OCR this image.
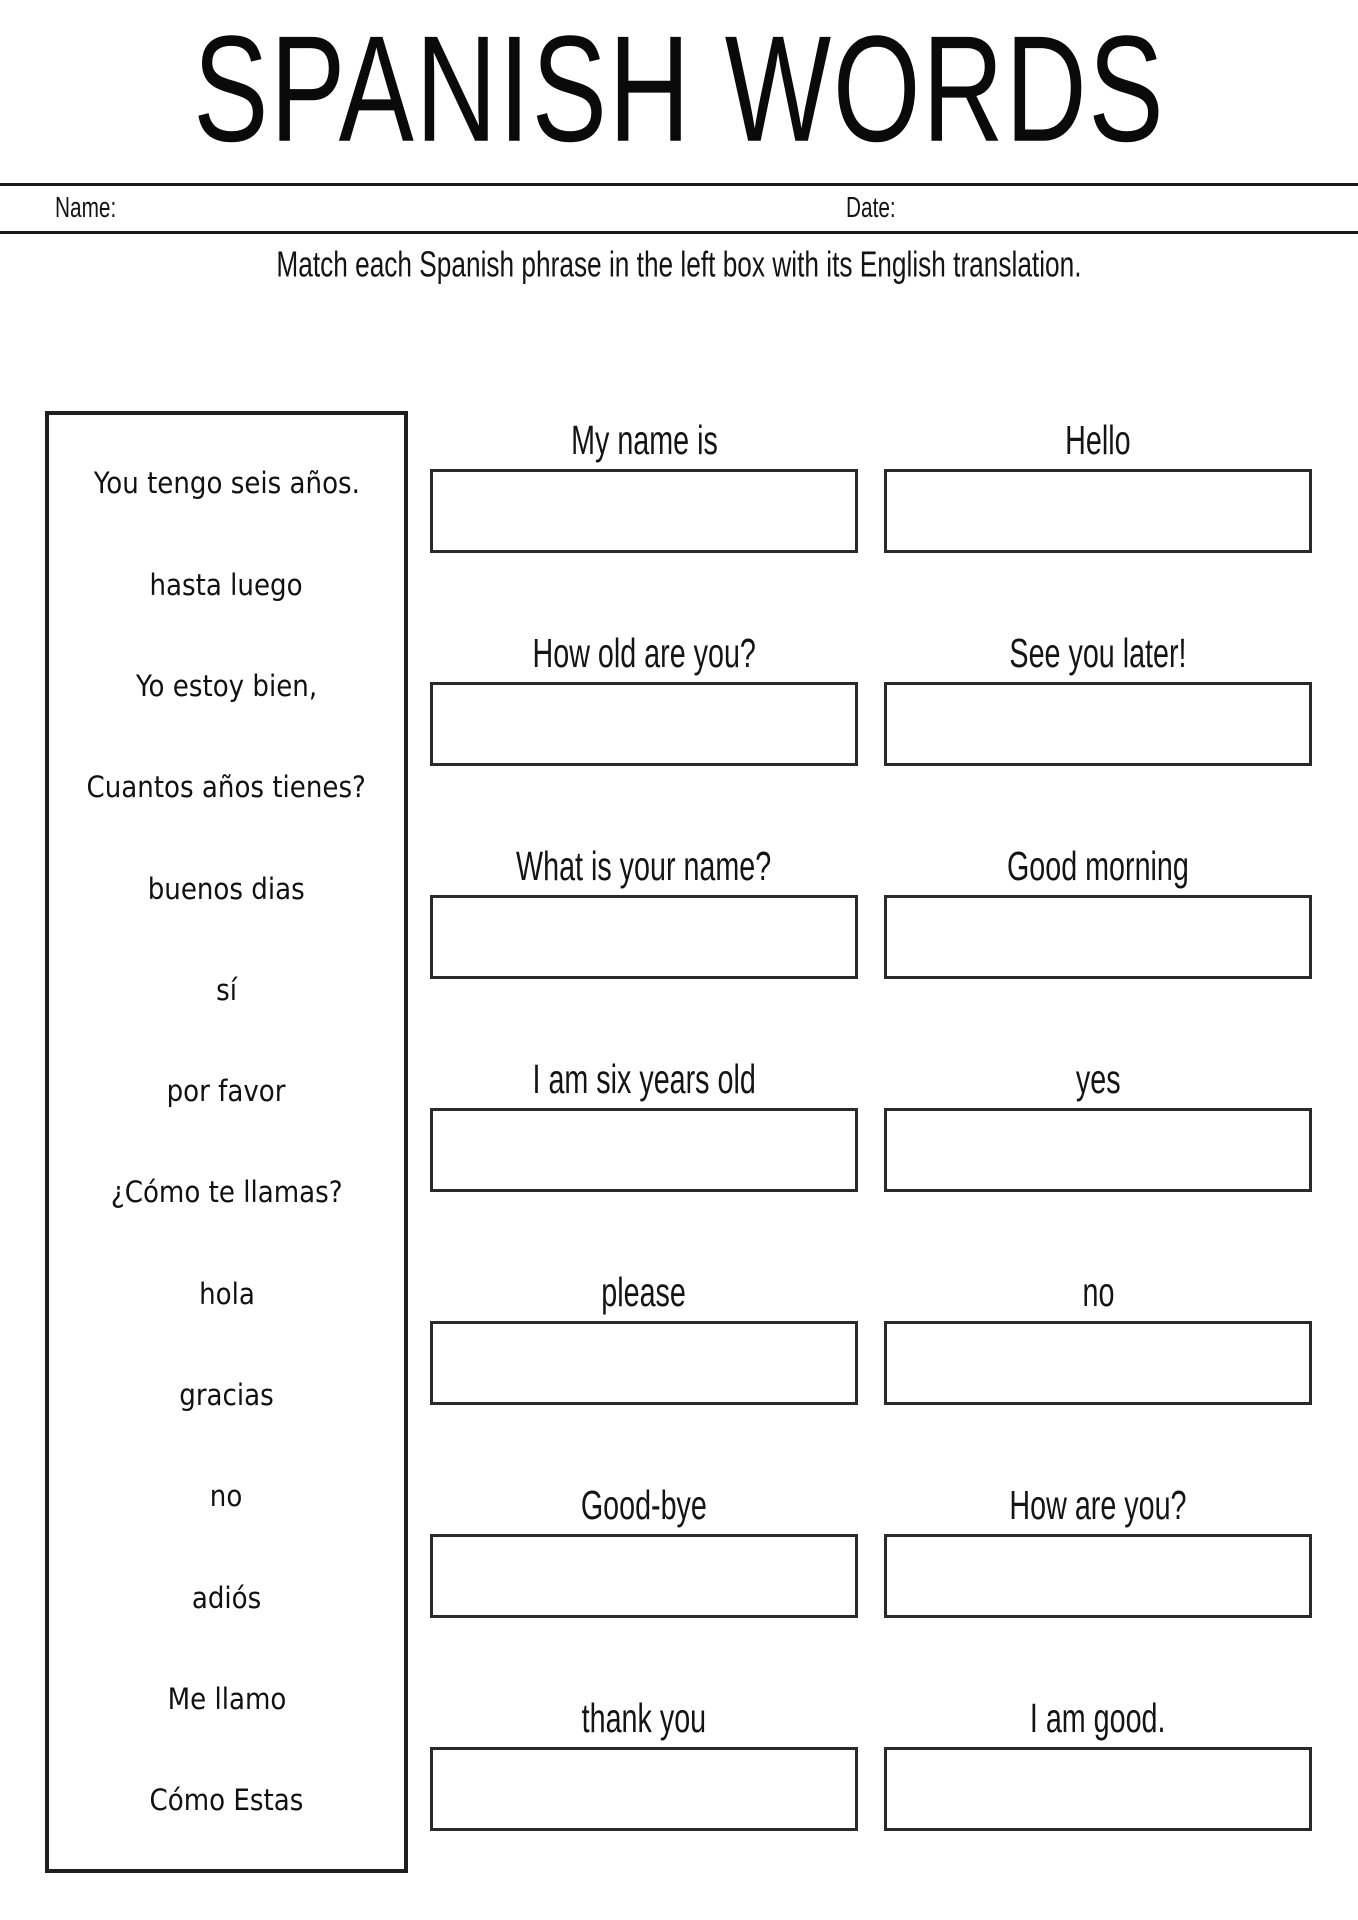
SPANISH WORDS
Name:	Date:
Match each Spanish phrase in the left box with its English translation.
You tengo seis años.
hasta luego
Yo estoy bien,
Cuantos años tienes?
buenos dias
sí
por favor
¿Cómo te llamas?
hola
gracias
no
adiós
Me llamo
Cómo Estas
My name is	Hello
How old are you?	See you later!
What is your name?	Good morning
I am six years old	yes
please	no
Good-bye	How are you?
thank you	I am good.
